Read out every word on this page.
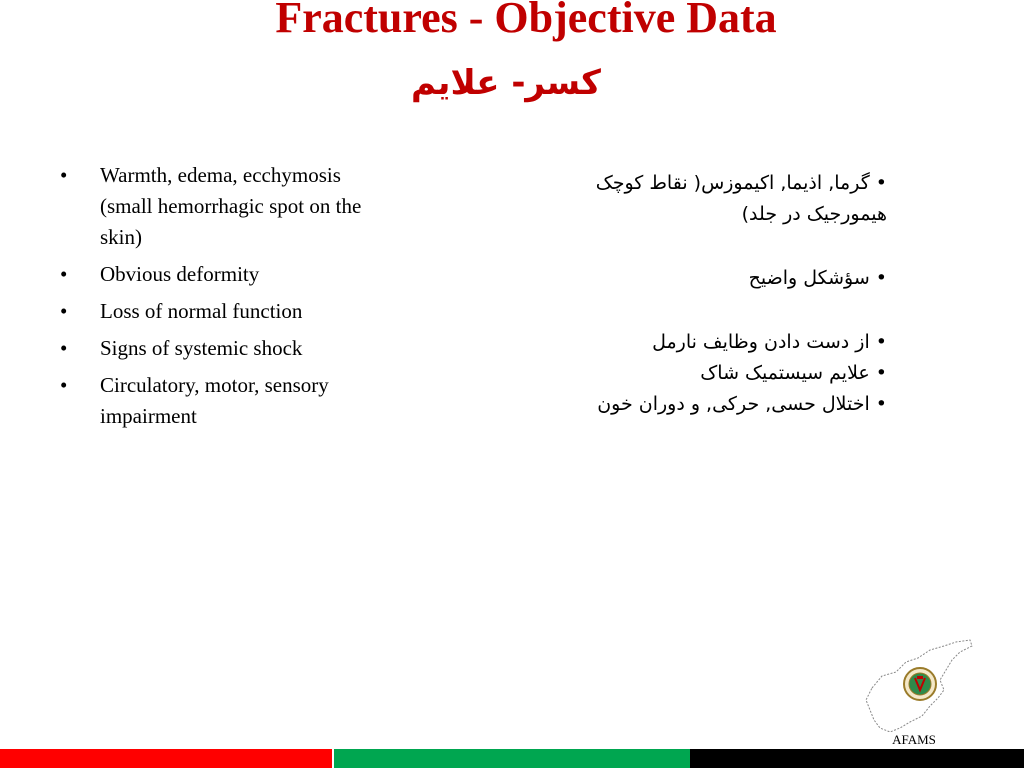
Fractures - Objective Data
کسر- علایم
• Warmth, edema, ecchymosis (small hemorrhagic spot on the skin)
• Obvious deformity
• Loss of normal function
• Signs of systemic shock
• Circulatory, motor, sensory impairment
• گرما, اذیما, اکیموزس( نقاط کوچک هیمورجیک در جلد)
• سؤشکل واضیح
• از دست دادن وظایف نارمل
• علایم سیستمیک شاک
• اختلال حسی, حرکی, و دوران خون
AFAMS
